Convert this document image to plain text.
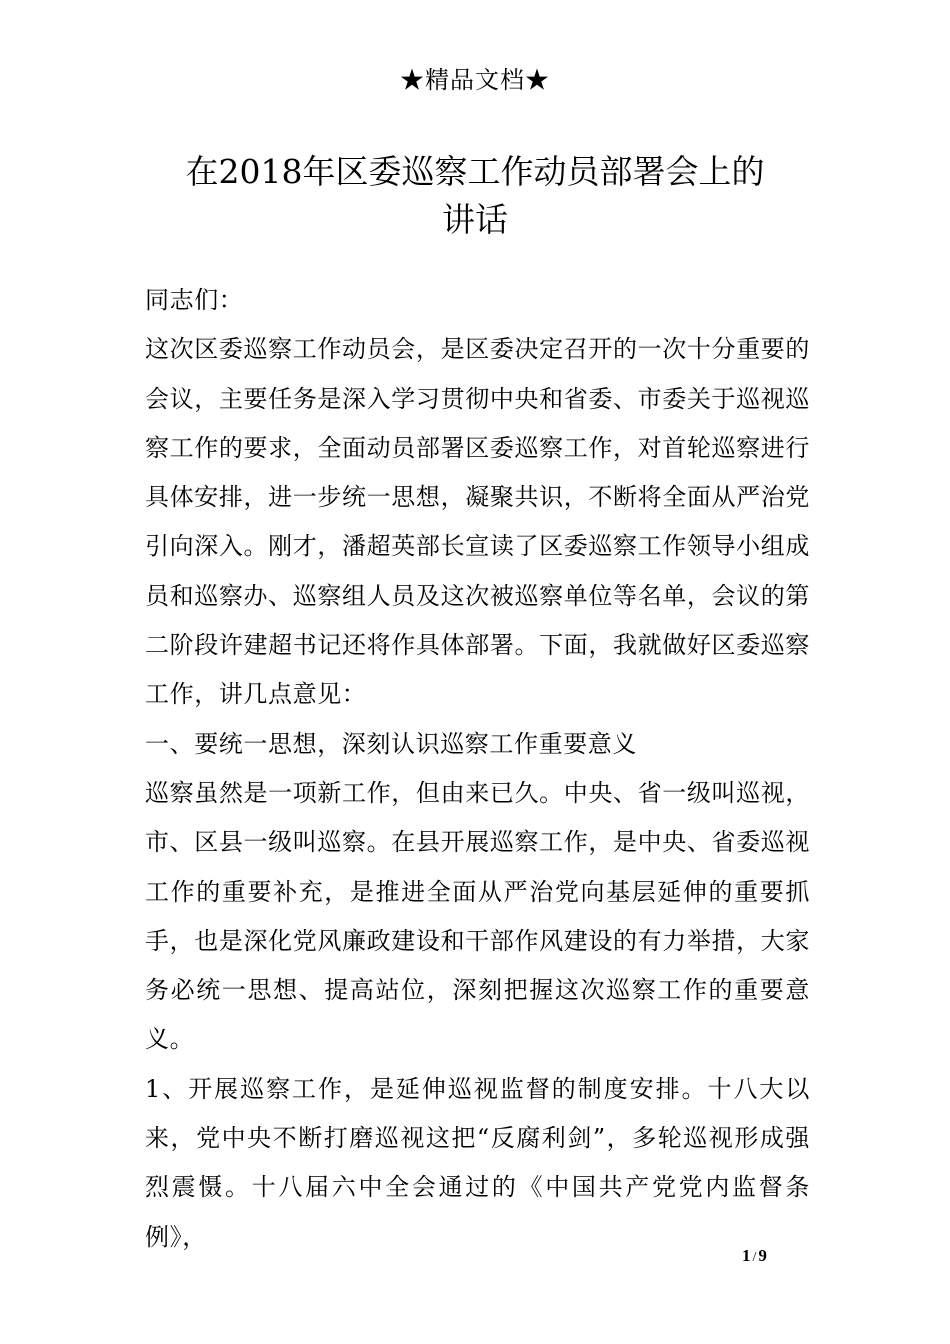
★精品文档★
在2018年区委巡察工作动员部署会上的
讲话

同志们：

这次区委巡察工作动员会，是区委决定召开的一次十分重要的会议，主要任务是深入学习贯彻中央和省委、市委关于巡视巡察工作的要求，全面动员部署区委巡察工作，对首轮巡察进行具体安排，进一步统一思想，凝聚共识，不断将全面从严治党引向深入。刚才，潘超英部长宣读了区委巡察工作领导小组成员和巡察办、巡察组人员及这次被巡察单位等名单，会议的第二阶段许建超书记还将作具体部署。下面，我就做好区委巡察工作，讲几点意见：

一、要统一思想，深刻认识巡察工作重要意义

巡察虽然是一项新工作，但由来已久。中央、省一级叫巡视，市、区县一级叫巡察。在县开展巡察工作，是中央、省委巡视工作的重要补充，是推进全面从严治党向基层延伸的重要抓手，也是深化党风廉政建设和干部作风建设的有力举措，大家务必统一思想、提高站位，深刻把握这次巡察工作的重要意义。

1、开展巡察工作，是延伸巡视监督的制度安排。十八大以来，党中央不断打磨巡视这把“反腐利剑”，多轮巡视形成强烈震慑。十八届六中全会通过的《中国共产党党内监督条例》，

1 / 9
